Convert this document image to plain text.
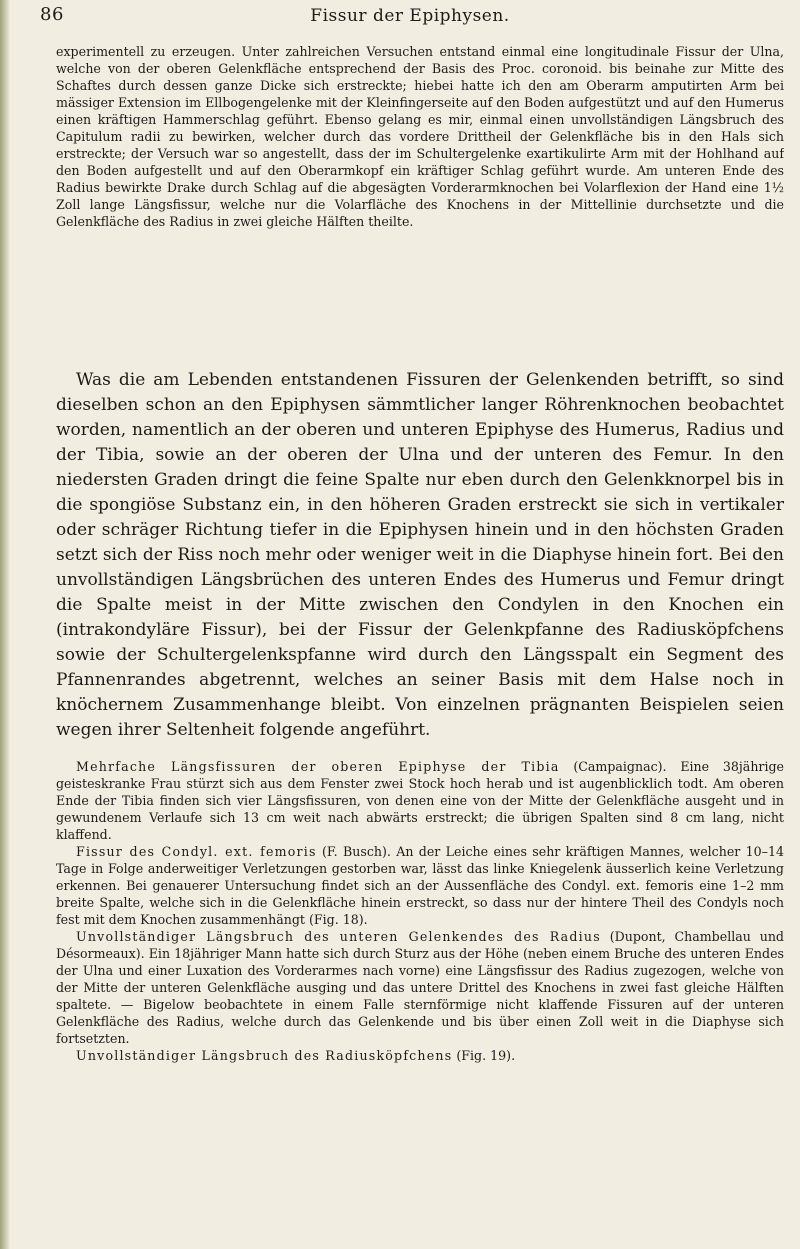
86	Fissur der Epiphysen.

experimentell zu erzeugen. Unter zahlreichen Versuchen entstand einmal eine longitudinale Fissur der Ulna, welche von der oberen Gelenkfläche entsprechend der Basis des Proc. coronoid. bis beinahe zur Mitte des Schaftes durch dessen ganze Dicke sich erstreckte; hiebei hatte ich den am Oberarm amputirten Arm bei mässiger Extension im Ellbogengelenke mit der Kleinfingerseite auf den Boden aufgestützt und auf den Humerus einen kräftigen Hammerschlag geführt. Ebenso gelang es mir, einmal einen unvollständigen Längsbruch des Capitulum radii zu bewirken, welcher durch das vordere Drittheil der Gelenkfläche bis in den Hals sich erstreckte; der Versuch war so angestellt, dass der im Schultergelenke exartikulirte Arm mit der Hohlhand auf den Boden aufgestellt und auf den Oberarmkopf ein kräftiger Schlag geführt wurde. Am unteren Ende des Radius bewirkte Drake durch Schlag auf die abgesägten Vorderarmknochen bei Volarflexion der Hand eine 1½ Zoll lange Längsfissur, welche nur die Volarfläche des Knochens in der Mittellinie durchsetzte und die Gelenkfläche des Radius in zwei gleiche Hälften theilte.

Was die am Lebenden entstandenen Fissuren der Gelenkenden betrifft, so sind dieselben schon an den Epiphysen sämmtlicher langer Röhrenknochen beobachtet worden, namentlich an der oberen und unteren Epiphyse des Humerus, Radius und der Tibia, sowie an der oberen der Ulna und der unteren des Femur. In den niedersten Graden dringt die feine Spalte nur eben durch den Gelenkknorpel bis in die spongiöse Substanz ein, in den höheren Graden erstreckt sie sich in vertikaler oder schräger Richtung tiefer in die Epiphysen hinein und in den höchsten Graden setzt sich der Riss noch mehr oder weniger weit in die Diaphyse hinein fort. Bei den unvollständigen Längsbrüchen des unteren Endes des Humerus und Femur dringt die Spalte meist in der Mitte zwischen den Condylen in den Knochen ein (intrakondyläre Fissur), bei der Fissur der Gelenkpfanne des Radiusköpfchens sowie der Schultergelenkspfanne wird durch den Längsspalt ein Segment des Pfannenrandes abgetrennt, welches an seiner Basis mit dem Halse noch in knöchernem Zusammenhange bleibt. Von einzelnen prägnanten Beispielen seien wegen ihrer Seltenheit folgende angeführt.

Mehrfache Längsfissuren der oberen Epiphyse der Tibia (Campaignac). Eine 38jährige geisteskranke Frau stürzt sich aus dem Fenster zwei Stock hoch herab und ist augenblicklich todt. Am oberen Ende der Tibia finden sich vier Längsfissuren, von denen eine von der Mitte der Gelenkfläche ausgeht und in gewundenem Verlaufe sich 13 cm weit nach abwärts erstreckt; die übrigen Spalten sind 8 cm lang, nicht klaffend.

Fissur des Condyl. ext. femoris (F. Busch). An der Leiche eines sehr kräftigen Mannes, welcher 10–14 Tage in Folge anderweitiger Verletzungen gestorben war, lässt das linke Kniegelenk äusserlich keine Verletzung erkennen. Bei genauerer Untersuchung findet sich an der Aussenfläche des Condyl. ext. femoris eine 1–2 mm breite Spalte, welche sich in die Gelenkfläche hinein erstreckt, so dass nur der hintere Theil des Condyls noch fest mit dem Knochen zusammenhängt (Fig. 18).

Unvollständiger Längsbruch des unteren Gelenkendes des Radius (Dupont, Chambellau und Désormeaux). Ein 18jähriger Mann hatte sich durch Sturz aus der Höhe (neben einem Bruche des unteren Endes der Ulna und einer Luxation des Vorderarmes nach vorne) eine Längsfissur des Radius zugezogen, welche von der Mitte der unteren Gelenkfläche ausging und das untere Drittel des Knochens in zwei fast gleiche Hälften spaltete. — Bigelow beobachtete in einem Falle sternförmige nicht klaffende Fissuren auf der unteren Gelenkfläche des Radius, welche durch das Gelenkende und bis über einen Zoll weit in die Diaphyse sich fortsetzten.

Unvollständiger Längsbruch des Radiusköpfchens (Fig. 19).
